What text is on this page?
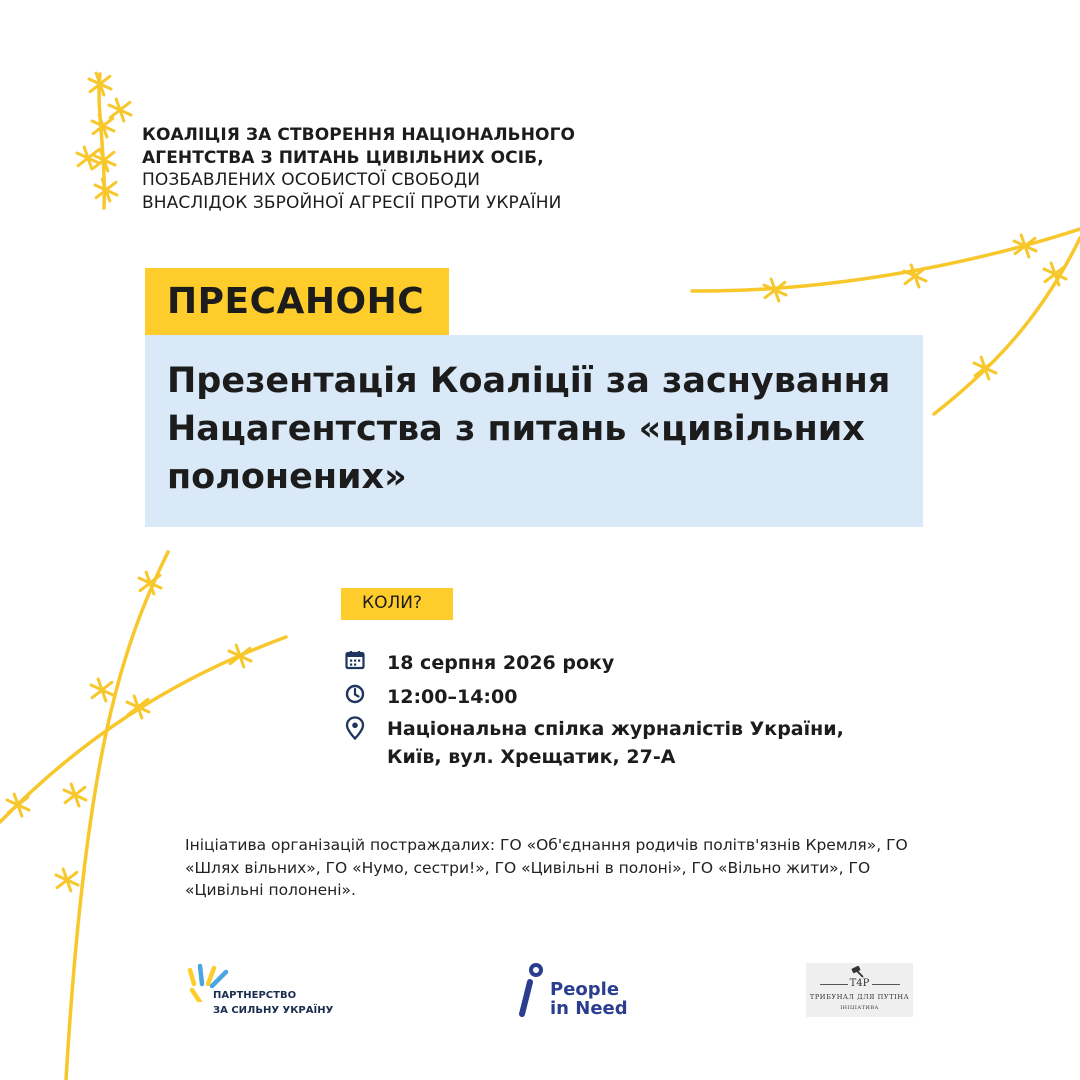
КОАЛІЦІЯ ЗА СТВОРЕННЯ НАЦІОНАЛЬНОГО
АГЕНТСТВА З ПИТАНЬ ЦИВІЛЬНИХ ОСІБ,
ПОЗБАВЛЕНИХ ОСОБИСТОЇ СВОБОДИ
ВНАСЛІДОК ЗБРОЙНОЇ АГРЕСІЇ ПРОТИ УКРАЇНИ
ПРЕСАНОНС
Презентація Коаліції за заснування Нацагентства з питань «цивільних полонених»
КОЛИ?
18 серпня 2026 року
12:00–14:00
Національна спілка журналістів України,
Київ, вул. Хрещатик, 27-А
Ініціатива організацій постраждалих: ГО «Об'єднання родичів політв'язнів Кремля», ГО «Шлях вільних», ГО «Нумо, сестри!», ГО «Цивільні в полоні», ГО «Вільно жити», ГО «Цивільні полонені».
ПАРТНЕРСТВО
ЗА СИЛЬНУ УКРАЇНУ
People
in Need
T4P
ТРИБУНАЛ ДЛЯ ПУТІНА
ІНІЦІАТИВА
